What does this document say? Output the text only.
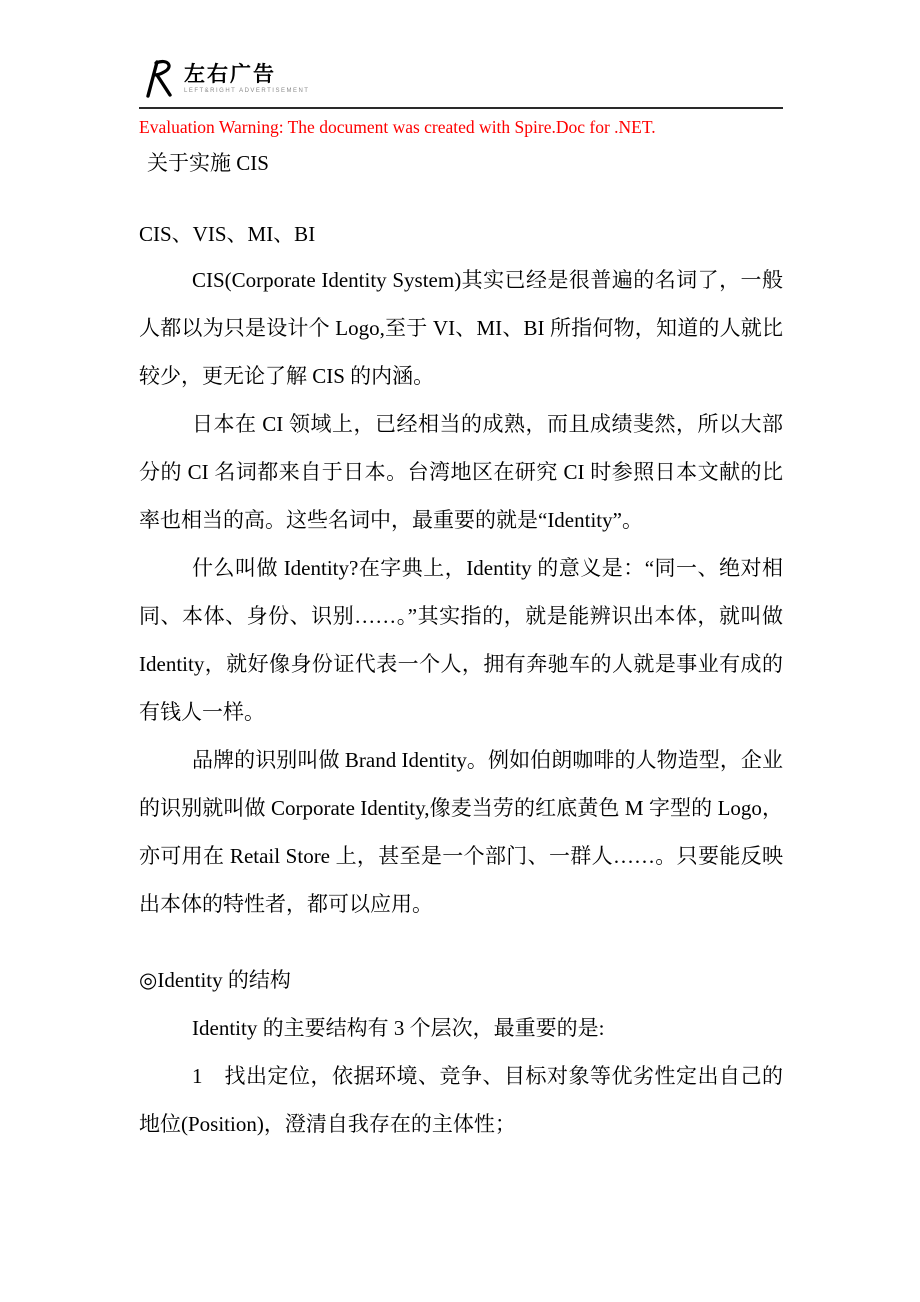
左右广告
LEFT&RIGHT ADVERTISEMENT
Evaluation Warning: The document was created with Spire.Doc for .NET.
关于实施 CIS

CIS、VIS、MI、BI

CIS(Corporate Identity System)其实已经是很普遍的名词了，一般人都以为只是设计个 Logo,至于 VI、MI、BI 所指何物，知道的人就比较少，更无论了解 CIS 的内涵。

日本在 CI 领域上，已经相当的成熟，而且成绩斐然，所以大部分的 CI 名词都来自于日本。台湾地区在研究 CI 时参照日本文献的比率也相当的高。这些名词中，最重要的就是“Identity”。

什么叫做 Identity?在字典上，Identity 的意义是：“同一、绝对相同、本体、身份、识别……。”其实指的，就是能辨识出本体，就叫做 Identity，就好像身份证代表一个人，拥有奔驰车的人就是事业有成的有钱人一样。

品牌的识别叫做 Brand Identity。例如伯朗咖啡的人物造型，企业的识别就叫做 Corporate Identity,像麦当劳的红底黄色 M 字型的 Logo，亦可用在 Retail Store 上，甚至是一个部门、一群人……。只要能反映出本体的特性者，都可以应用。

◎Identity 的结构

Identity 的主要结构有 3 个层次，最重要的是:

1　找出定位，依据环境、竞争、目标对象等优劣性定出自己的地位(Position)，澄清自我存在的主体性；
